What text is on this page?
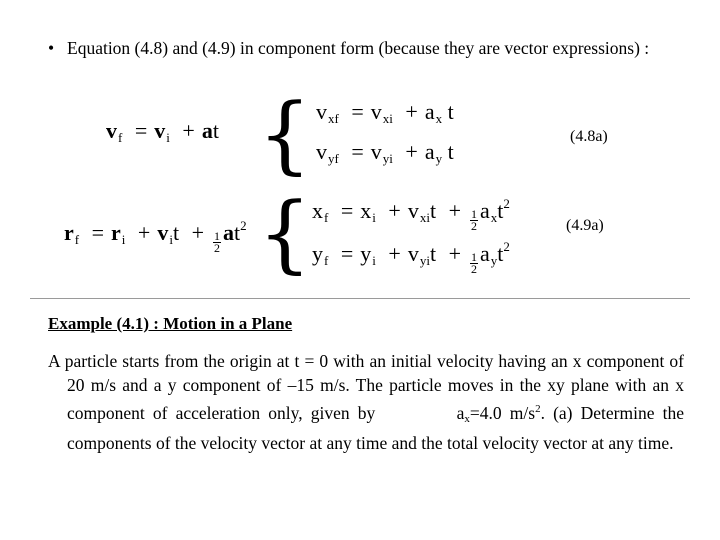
• Equation (4.8) and (4.9) in component form (because they are vector expressions) :
$v_f = v_i$ + at { $v_{xf} = v_{xi} + a_x$ t
$v_{yf} = v_{yi} + a_y$ t
(4.8a)
$r_f = r_i + v_it + \frac{1}{2} at^2$ { $x_f = x_i + v_{xi}t + \frac{1}{2} a_xt^2$
$y_f = y_i + v_{yi}t + \frac{1}{2} a_yt^2$
(4.9a)
Example (4.1) : Motion in a Plane
A particle starts from the origin at t = 0 with an initial velocity having an x component of 20 m/s and a y component of –15 m/s. The particle moves in the xy plane with an x component of acceleration only, given by          $a_x=4.0$ $m/s^2$. (a) Determine the components of the velocity vector at any time and the total velocity vector at any time.
